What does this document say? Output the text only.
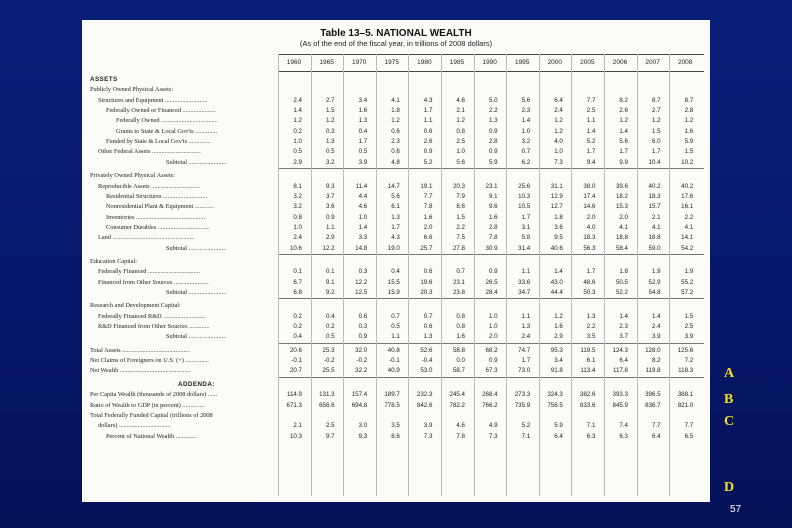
Table 13–5. NATIONAL WEALTH
(As of the end of the fiscal year, in trillions of 2008 dollars)
1960	1965	1970	1975	1980	1985	1990	1995	2000	2005	2006	2007	2008
ASSETS
Publicly Owned Physical Assets:
Structures and Equipment ...........................	2.4	2.7	3.4	4.1	4.3	4.6	5.0	5.6	6.4	7.7	8.2	8.7	8.7
Federally Owned or Financed .....................	1.4	1.5	1.6	1.8	1.7	2.1	2.2	2.3	2.4	2.5	2.6	2.7	2.8
Federally Owned ....................................	1.2	1.2	1.3	1.2	1.1	1.2	1.3	1.4	1.2	1.1	1.2	1.2	1.2
Grants to State & Local Gov'ts ..............	0.2	0.3	0.4	0.6	0.6	0.8	0.9	1.0	1.2	1.4	1.4	1.5	1.6
Funded by State & Local Gov'ts ..............	1.0	1.3	1.7	2.3	2.6	2.5	2.8	3.2	4.0	5.2	5.6	6.0	5.9
Other Federal Assets ...............................	0.5	0.5	0.5	0.6	0.9	1.0	0.9	0.7	1.0	1.7	1.7	1.7	1.5
Subtotal ........................	2.9	3.2	3.9	4.8	5.2	5.6	5.9	6.2	7.3	9.4	9.9	10.4	10.2
Privately Owned Physical Assets:
Reproducible Assets ...............................	8.1	9.3	11.4	14.7	19.1	20.3	23.1	25.6	31.1	38.0	39.6	40.2	40.2
Residential Structures ............................	3.2	3.7	4.4	5.6	7.7	7.9	9.1	10.3	12.9	17.4	18.2	18.3	17.6
Nonresidential Plant & Equipment ............	3.2	3.6	4.6	6.1	7.8	8.6	9.6	10.5	12.7	14.6	15.3	15.7	16.1
Inventories ............................................	0.8	0.9	1.0	1.3	1.6	1.5	1.6	1.7	1.8	2.0	2.0	2.1	2.2
Consumer Durables .................................	1.0	1.1	1.4	1.7	2.0	2.2	2.8	3.1	3.6	4.0	4.1	4.1	4.1
Land ....................................................	2.4	2.9	3.3	4.3	6.6	7.5	7.8	5.8	9.5	18.3	18.8	18.8	14.1
Subtotal ........................	10.6	12.2	14.8	19.0	25.7	27.8	30.9	31.4	40.6	56.3	58.4	59.0	54.2
Education Capital:
Federally Financed .................................	0.1	0.1	0.3	0.4	0.6	0.7	0.9	1.1	1.4	1.7	1.8	1.9	1.9
Financed from Other Sources ......................	6.7	9.1	12.2	15.5	19.6	23.1	26.5	33.6	43.0	48.6	50.5	52.9	55.2
Subtotal ........................	6.8	9.2	12.5	15.9	20.3	23.8	28.4	34.7	44.4	50.3	52.2	54.8	57.2
Research and Development Capital:
Federally Financed R&D ...........................	0.2	0.4	0.6	0.7	0.7	0.8	1.0	1.1	1.2	1.3	1.4	1.4	1.5
R&D Financed from Other Sources .............	0.2	0.2	0.3	0.5	0.6	0.8	1.0	1.3	1.6	2.2	2.3	2.4	2.5
Subtotal ........................	0.4	0.5	0.9	1.1	1.3	1.6	2.0	2.4	2.9	3.5	3.7	3.9	3.9
Total Assets ...........................................	20.6	25.3	32.0	40.8	52.6	58.8	68.2	74.7	95.3	119.5	124.3	128.0	125.6
Net Claims of Foreigners on U.S. (+) ...............	-0.1	-0.2	-0.2	-0.1	-0.4	0.0	0.9	1.7	3.4	6.1	6.4	8.2	7.2
Net Wealth .............................................	20.7	25.5	32.2	40.9	53.0	58.7	67.3	73.0	91.8	113.4	117.8	119.8	118.3
ADDENDA:
Per Capita Wealth (thousands of 2008 dollars) ......	114.9	131.3	157.4	189.7	232.3	245.4	268.4	273.3	324.3	382.6	393.3	396.5	388.1
Ratio of Wealth to GDP (in percent) ..............	671.3	656.6	694.8	778.5	842.6	782.2	766.2	735.9	756.5	833.6	845.9	836.7	821.0
Total Federally Funded Capital (trillions of 2008
dollars) .................................	2.1	2.5	3.0	3.5	3.9	4.6	4.9	5.2	5.9	7.1	7.4	7.7	7.7
Percent of National Wealth .............	10.3	9.7	9.3	8.6	7.3	7.8	7.3	7.1	6.4	6.3	6.3	6.4	6.5
A
B
C
D
57
